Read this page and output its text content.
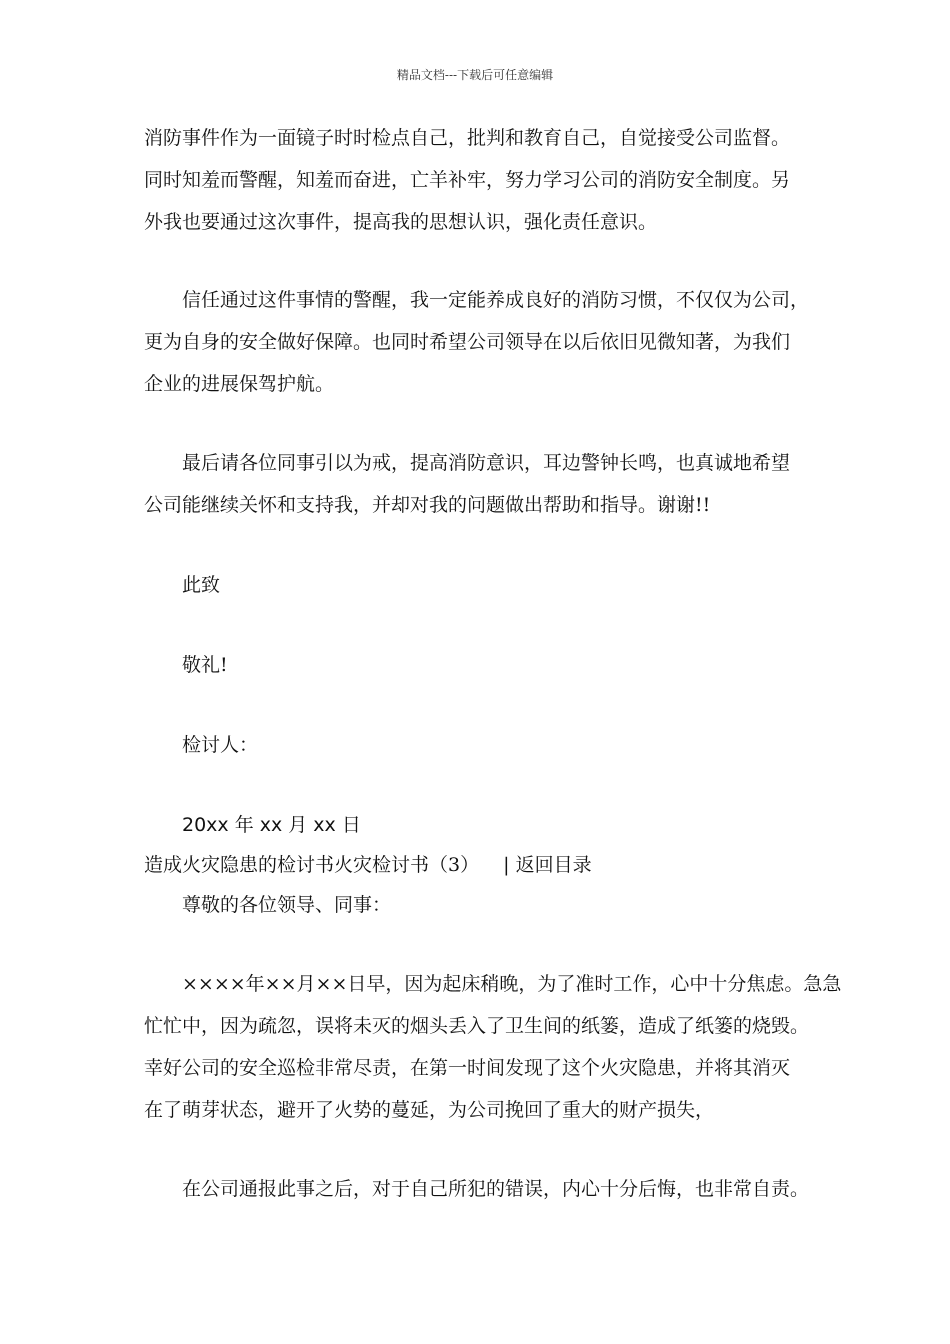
精品文档---下载后可任意编辑
消防事件作为一面镜子时时检点自己，批判和教育自己，自觉接受公司监督。
同时知羞而警醒，知羞而奋进，亡羊补牢，努力学习公司的消防安全制度。另
外我也要通过这次事件，提高我的思想认识，强化责任意识。
信任通过这件事情的警醒，我一定能养成良好的消防习惯，不仅仅为公司，
更为自身的安全做好保障。也同时希望公司领导在以后依旧见微知著，为我们
企业的进展保驾护航。
最后请各位同事引以为戒，提高消防意识，耳边警钟长鸣，也真诚地希望
公司能继续关怀和支持我，并却对我的问题做出帮助和指导。谢谢!!
此致
敬礼!
检讨人：
20xx 年 xx 月 xx 日
造成火灾隐患的检讨书火灾检讨书（3） | 返回目录
尊敬的各位领导、同事：
××××年××月××日早，因为起床稍晚，为了准时工作，心中十分焦虑。急急
忙忙中，因为疏忽，误将未灭的烟头丢入了卫生间的纸篓，造成了纸篓的烧毁。
幸好公司的安全巡检非常尽责，在第一时间发现了这个火灾隐患，并将其消灭
在了萌芽状态，避开了火势的蔓延，为公司挽回了重大的财产损失，
在公司通报此事之后，对于自己所犯的错误，内心十分后悔，也非常自责。
